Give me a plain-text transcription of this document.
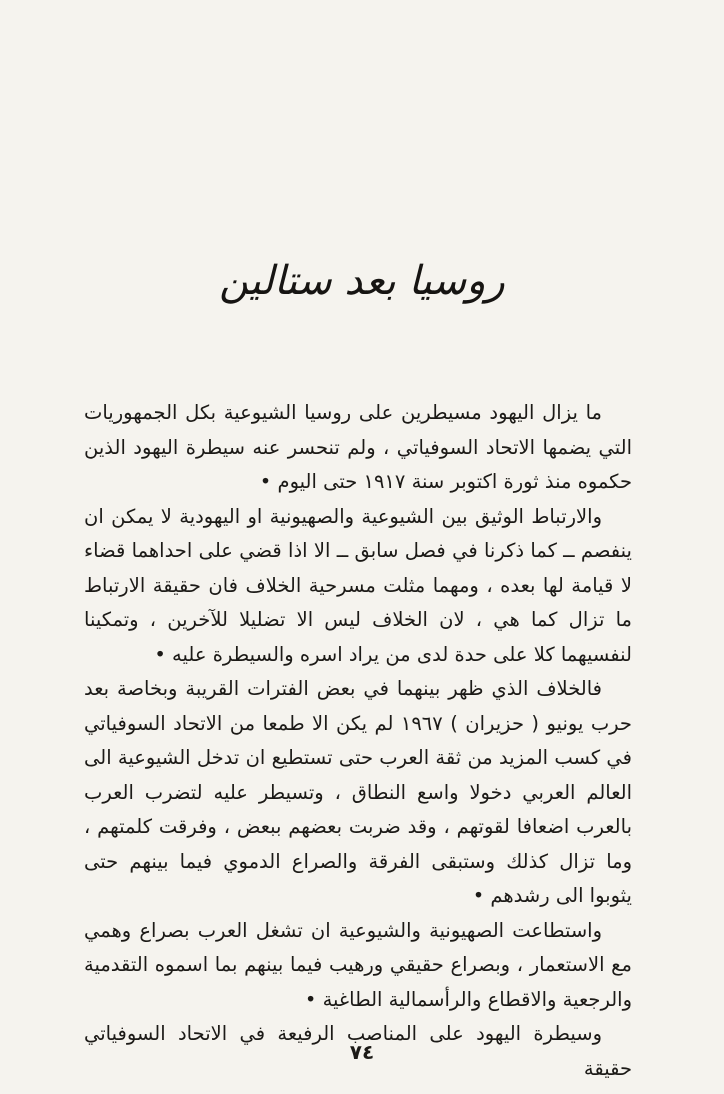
روسيا بعد ستالين

ما يزال اليهود مسيطرين على روسيا الشيوعية بكل الجمهوريات التي يضمها الاتحاد السوفياتي ، ولم تنحسر عنه سيطرة اليهود الذين حكموه منذ ثورة اكتوبر سنة ١٩١٧ حتى اليوم •

والارتباط الوثيق بين الشيوعية والصهيونية او اليهودية لا يمكن ان ينفصم ــ كما ذكرنا في فصل سابق ــ الا اذا قضي على احداهما قضاء لا قيامة لها بعده ، ومهما مثلت مسرحية الخلاف فان حقيقة الارتباط ما تزال كما هي ، لان الخلاف ليس الا تضليلا للآخرين ، وتمكينا لنفسيهما كلا على حدة لدى من يراد اسره والسيطرة عليه •

فالخلاف الذي ظهر بينهما في بعض الفترات القريبة وبخاصة بعد حرب يونيو ( حزيران ) ١٩٦٧ لم يكن الا طمعا من الاتحاد السوفياتي في كسب المزيد من ثقة العرب حتى تستطيع ان تدخل الشيوعية الى العالم العربي دخولا واسع النطاق ، وتسيطر عليه لتضرب العرب بالعرب اضعافا لقوتهم ، وقد ضربت بعضهم ببعض ، وفرقت كلمتهم ، وما تزال كذلك وستبقى الفرقة والصراع الدموي فيما بينهم حتى يثوبوا الى رشدهم •

واستطاعت الصهيونية والشيوعية ان تشغل العرب بصراع وهمي مع الاستعمار ، وبصراع حقيقي ورهيب فيما بينهم بما اسموه التقدمية والرجعية والاقطاع والرأسمالية الطاغية •

وسيطرة اليهود على المناصب الرفيعة في الاتحاد السوفياتي حقيقة

٧٤
